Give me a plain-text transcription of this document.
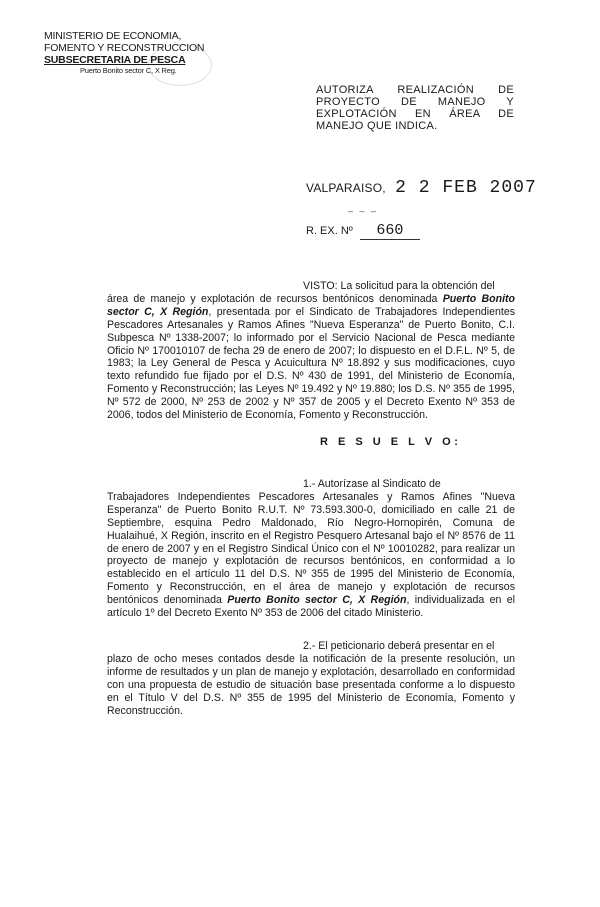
MINISTERIO DE ECONOMIA,
FOMENTO Y RECONSTRUCCION
SUBSECRETARIA DE PESCA
Puerto Bonito sector C, X Reg.
AUTORIZA REALIZACIÓN DE PROYECTO DE MANEJO Y EXPLOTACIÓN EN ÁREA DE MANEJO QUE INDICA.
VALPARAISO, 2 2 FEB 2007
‒ ‒ ‒
R. EX. Nº 660
VISTO: La solicitud para la obtención del
área de manejo y explotación de recursos bentónicos denominada Puerto Bonito sector C, X Región, presentada por el Sindicato de Trabajadores Independientes Pescadores Artesanales y Ramos Afines "Nueva Esperanza" de Puerto Bonito, C.I. Subpesca Nº 1338-2007; lo informado por el Servicio Nacional de Pesca mediante Oficio Nº 170010107 de fecha 29 de enero de 2007; lo dispuesto en el D.F.L. Nº 5, de 1983; la Ley General de Pesca y Acuicultura Nº 18.892 y sus modificaciones, cuyo texto refundido fue fijado por el D.S. Nº 430 de 1991, del Ministerio de Economía, Fomento y Reconstrucción; las Leyes Nº 19.492 y Nº 19.880; los D.S. Nº 355 de 1995, Nº 572 de 2000, Nº 253 de 2002 y Nº 357 de 2005 y el Decreto Exento Nº 353 de 2006, todos del Ministerio de Economía, Fomento y Reconstrucción.
R E S U E L V O:
1.- Autorízase al Sindicato de
Trabajadores Independientes Pescadores Artesanales y Ramos Afines "Nueva Esperanza" de Puerto Bonito R.U.T. Nº 73.593.300-0, domiciliado en calle 21 de Septiembre, esquina Pedro Maldonado, Río Negro-Hornopirén, Comuna de Hualaihué, X Región, inscrito en el Registro Pesquero Artesanal bajo el Nº 8576 de 11 de enero de 2007 y en el Registro Sindical Único con el Nº 10010282, para realizar un proyecto de manejo y explotación de recursos bentónicos, en conformidad a lo establecido en el artículo 11 del D.S. Nº 355 de 1995 del Ministerio de Economía, Fomento y Reconstrucción, en el área de manejo y explotación de recursos bentónicos denominada Puerto Bonito sector C, X Región, individualizada en el artículo 1º del Decreto Exento Nº 353 de 2006 del citado Ministerio.
2.- El peticionario deberá presentar en el
plazo de ocho meses contados desde la notificación de la presente resolución, un informe de resultados y un plan de manejo y explotación, desarrollado en conformidad con una propuesta de estudio de situación base presentada conforme a lo dispuesto en el Título V del D.S. Nº 355 de 1995 del Ministerio de Economía, Fomento y Reconstrucción.
